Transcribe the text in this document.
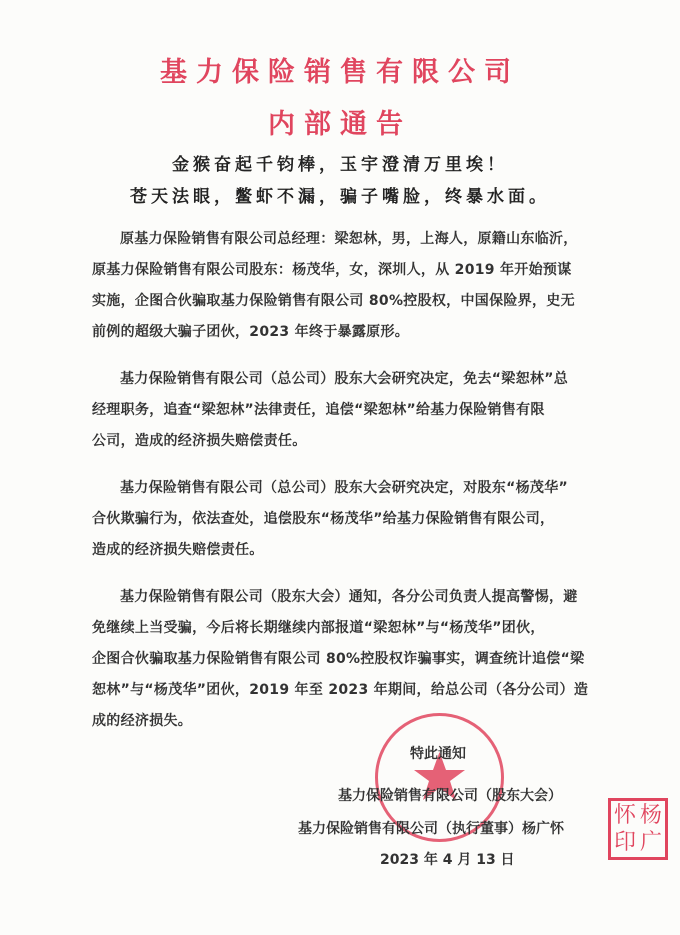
基力保险销售有限公司
内部通告
金猴奋起千钧棒，玉宇澄清万里埃！
苍天法眼，鳖虾不漏，骗子嘴脸，终暴水面。
原基力保险销售有限公司总经理：梁恕林，男，上海人，原籍山东临沂，
原基力保险销售有限公司股东：杨茂华，女，深圳人，从 2019 年开始预谋
实施，企图合伙骗取基力保险销售有限公司 80%控股权，中国保险界，史无
前例的超级大骗子团伙，2023 年终于暴露原形。
基力保险销售有限公司（总公司）股东大会研究决定，免去“梁恕林”总
经理职务，追查“梁恕林”法律责任，追偿“梁恕林”给基力保险销售有限
公司，造成的经济损失赔偿责任。
基力保险销售有限公司（总公司）股东大会研究决定，对股东“杨茂华”
合伙欺骗行为，依法查处，追偿股东“杨茂华”给基力保险销售有限公司，
造成的经济损失赔偿责任。
基力保险销售有限公司（股东大会）通知，各分公司负责人提高警惕，避
免继续上当受骗，今后将长期继续内部报道“梁恕林”与“杨茂华”团伙，
企图合伙骗取基力保险销售有限公司 80%控股权诈骗事实，调查统计追偿“梁
恕林”与“杨茂华”团伙，2019 年至 2023 年期间，给总公司（各分公司）造
成的经济损失。
特此通知
基力保险销售有限公司（股东大会）
基力保险销售有限公司（执行董事）杨广怀
2023 年 4 月 13 日
杨
广
怀
印
